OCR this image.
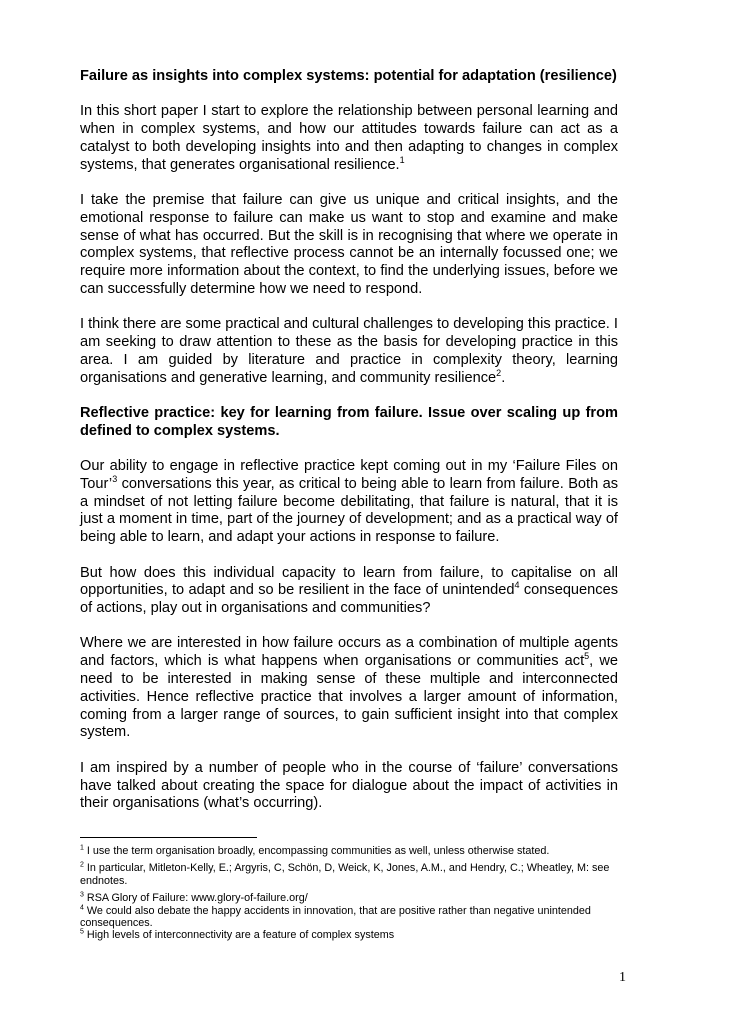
Failure as insights into complex systems: potential for adaptation (resilience)

In this short paper I start to explore the relationship between personal learning and when in complex systems, and how our attitudes towards failure can act as a catalyst to both developing insights into and then adapting to changes in complex systems, that generates organisational resilience.$^1$

I take the premise that failure can give us unique and critical insights, and the emotional response to failure can make us want to stop and examine and make sense of what has occurred. But the skill is in recognising that where we operate in complex systems, that reflective process cannot be an internally focussed one; we require more information about the context, to find the underlying issues, before we can successfully determine how we need to respond.

I think there are some practical and cultural challenges to developing this practice. I am seeking to draw attention to these as the basis for developing practice in this area. I am guided by literature and practice in complexity theory, learning organisations and generative learning, and community resilience$^2$.

Reflective practice: key for learning from failure. Issue over scaling up from defined to complex systems.

Our ability to engage in reflective practice kept coming out in my ‘Failure Files on Tour’$^3$ conversations this year, as critical to being able to learn from failure. Both as a mindset of not letting failure become debilitating, that failure is natural, that it is just a moment in time, part of the journey of development; and as a practical way of being able to learn, and adapt your actions in response to failure.

But how does this individual capacity to learn from failure, to capitalise on all opportunities, to adapt and so be resilient in the face of unintended$^4$ consequences of actions, play out in organisations and communities?

Where we are interested in how failure occurs as a combination of multiple agents and factors, which is what happens when organisations or communities act$^5$, we need to be interested in making sense of these multiple and interconnected activities. Hence reflective practice that involves a larger amount of information, coming from a larger range of sources, to gain sufficient insight into that complex system.

I am inspired by a number of people who in the course of ‘failure’ conversations have talked about creating the space for dialogue about the impact of activities in their organisations (what’s occurring).

$^1$ I use the term organisation broadly, encompassing communities as well, unless otherwise stated.
$^2$ In particular, Mitleton-Kelly, E.; Argyris, C, Schön, D, Weick, K, Jones, A.M., and Hendry, C.; Wheatley, M: see endnotes.
$^3$ RSA Glory of Failure: www.glory-of-failure.org/
$^4$ We could also debate the happy accidents in innovation, that are positive rather than negative unintended consequences.
$^5$ High levels of interconnectivity are a feature of complex systems
1
